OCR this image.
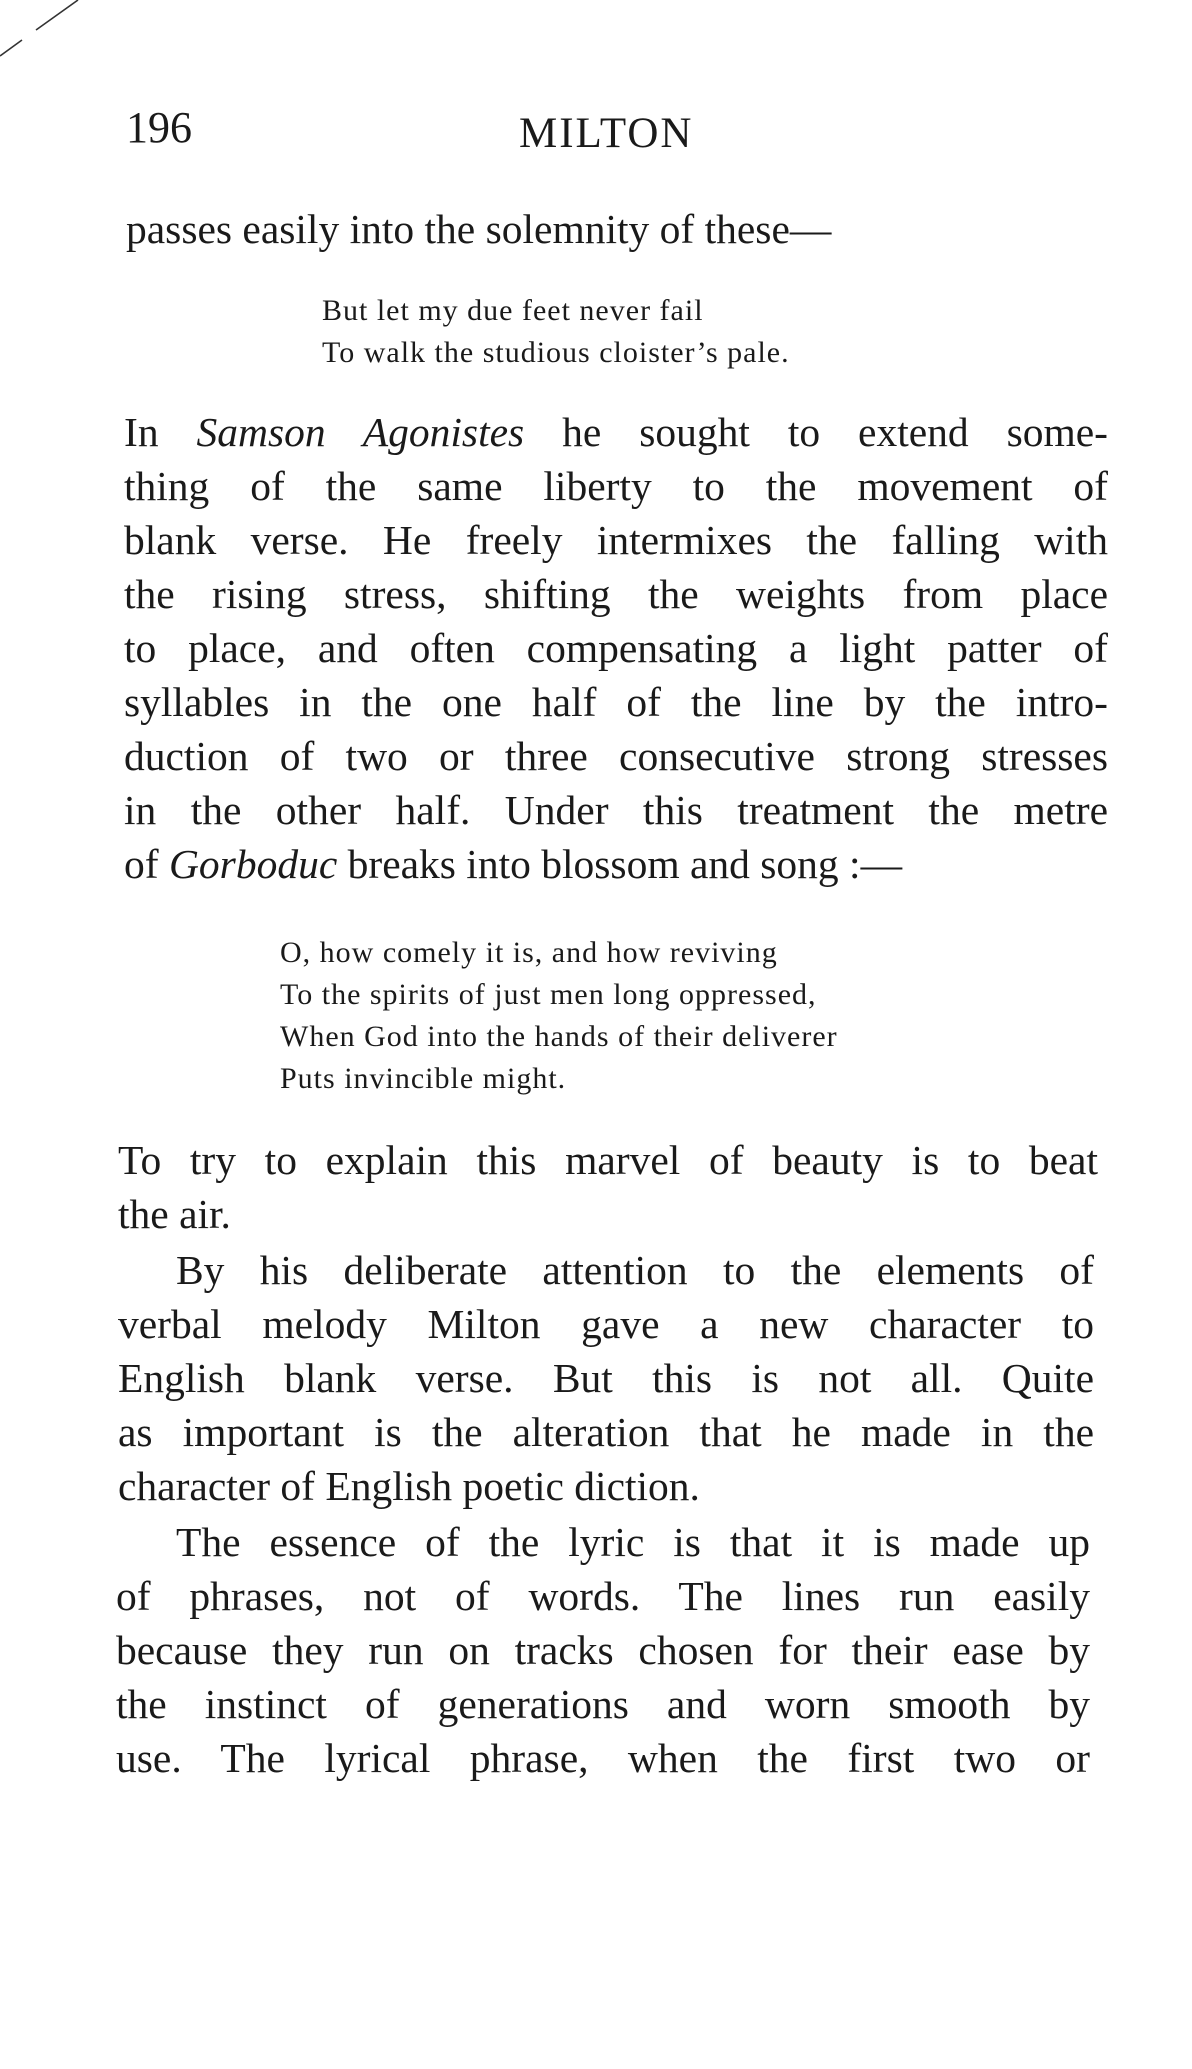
196	MILTON
passes easily into the solemnity of these—
But let my due feet never fail
To walk the studious cloister’s pale.
In Samson Agonistes he sought to extend some-
thing of the same liberty to the movement of
blank verse. He freely intermixes the falling with
the rising stress, shifting the weights from place
to place, and often compensating a light patter of
syllables in the one half of the line by the intro-
duction of two or three consecutive strong stresses
in the other half. Under this treatment the metre
of Gorboduc breaks into blossom and song :—
O, how comely it is, and how reviving
To the spirits of just men long oppressed,
When God into the hands of their deliverer
Puts invincible might.
To try to explain this marvel of beauty is to beat
the air.
By his deliberate attention to the elements of
verbal melody Milton gave a new character to
English blank verse. But this is not all. Quite
as important is the alteration that he made in the
character of English poetic diction.
The essence of the lyric is that it is made up
of phrases, not of words. The lines run easily
because they run on tracks chosen for their ease by
the instinct of generations and worn smooth by
use. The lyrical phrase, when the first two or
